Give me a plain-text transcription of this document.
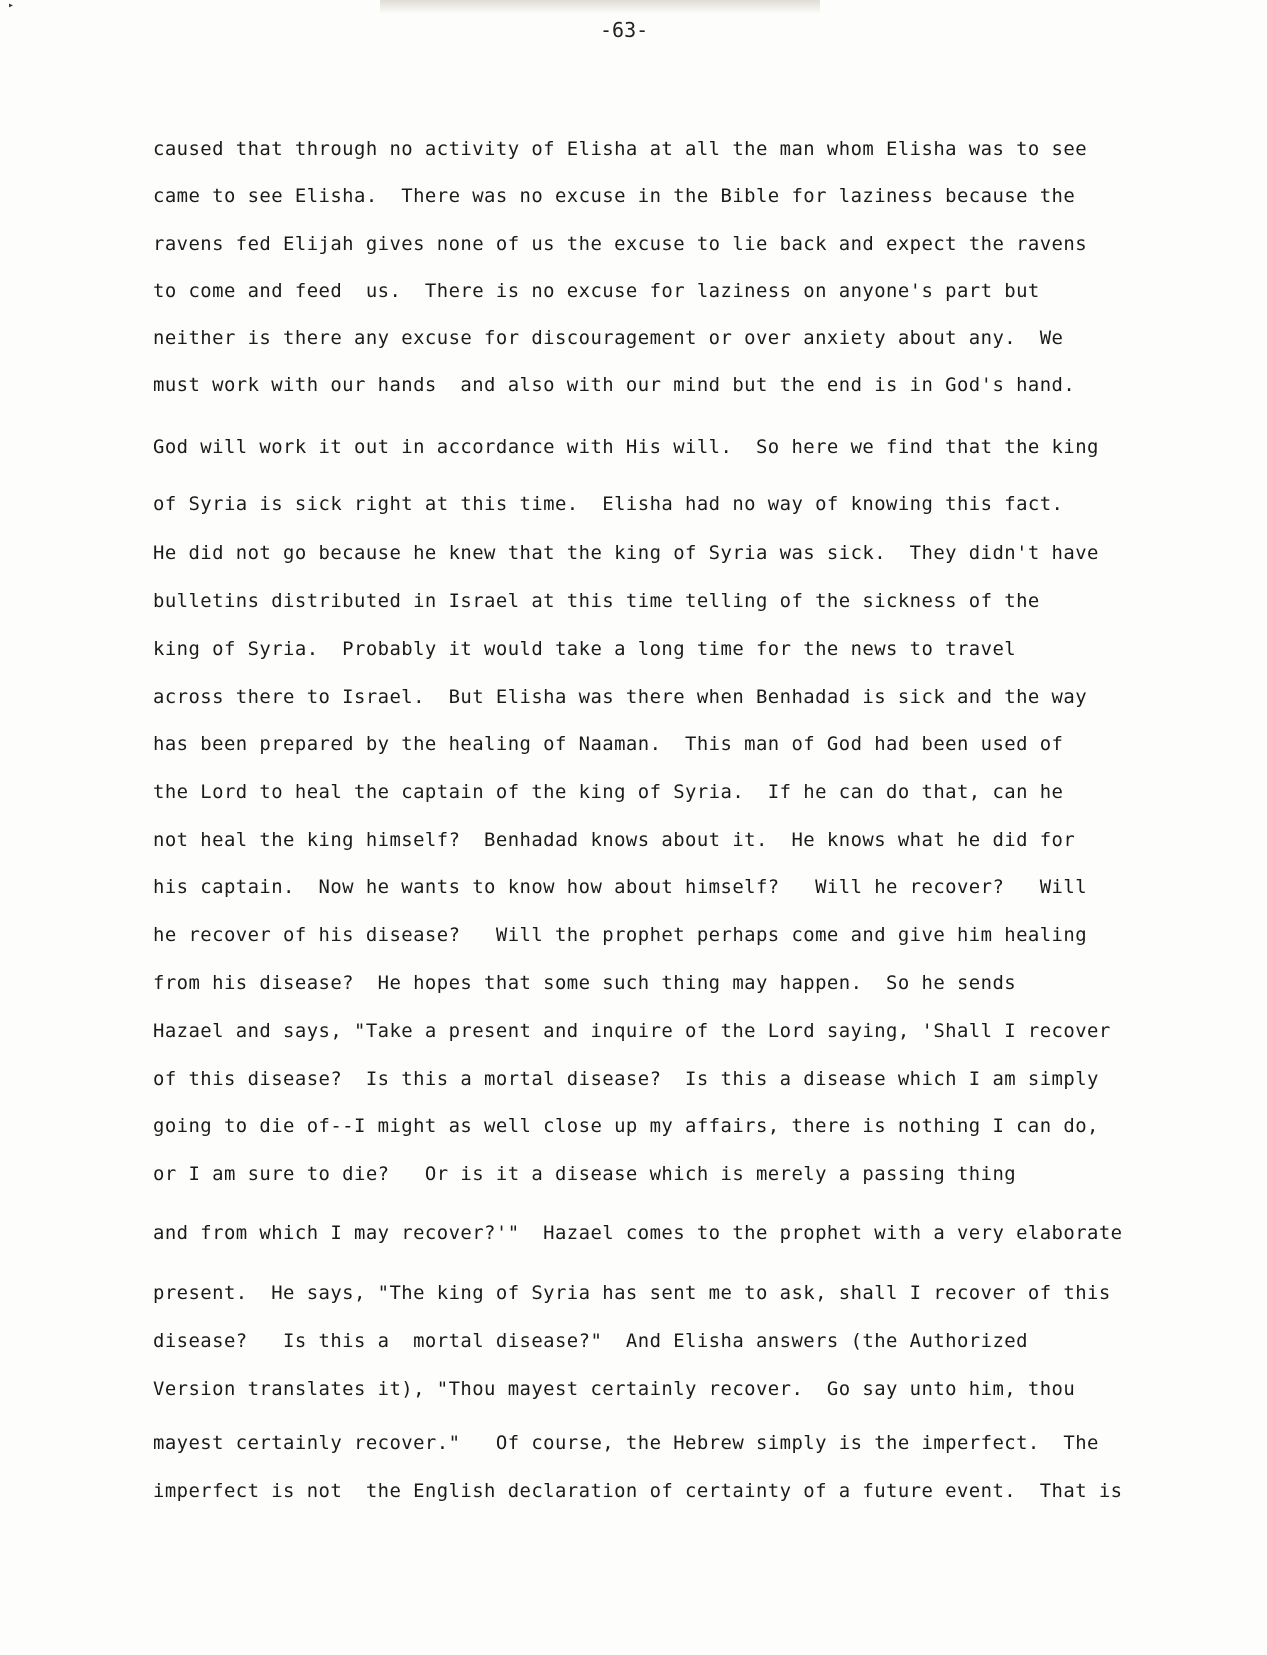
▸
-63-
caused that through no activity of Elisha at all the man whom Elisha was to see
came to see Elisha.  There was no excuse in the Bible for laziness because the
ravens fed Elijah gives none of us the excuse to lie back and expect the ravens
to come and feed  us.  There is no excuse for laziness on anyone's part but
neither is there any excuse for discouragement or over anxiety about any.  We
must work with our hands  and also with our mind but the end is in God's hand.
God will work it out in accordance with His will.  So here we find that the king
of Syria is sick right at this time.  Elisha had no way of knowing this fact.
He did not go because he knew that the king of Syria was sick.  They didn't have
bulletins distributed in Israel at this time telling of the sickness of the
king of Syria.  Probably it would take a long time for the news to travel
across there to Israel.  But Elisha was there when Benhadad is sick and the way
has been prepared by the healing of Naaman.  This man of God had been used of
the Lord to heal the captain of the king of Syria.  If he can do that, can he
not heal the king himself?  Benhadad knows about it.  He knows what he did for
his captain.  Now he wants to know how about himself?   Will he recover?   Will
he recover of his disease?   Will the prophet perhaps come and give him healing
from his disease?  He hopes that some such thing may happen.  So he sends
Hazael and says, "Take a present and inquire of the Lord saying, 'Shall I recover
of this disease?  Is this a mortal disease?  Is this a disease which I am simply
going to die of--I might as well close up my affairs, there is nothing I can do,
or I am sure to die?   Or is it a disease which is merely a passing thing
and from which I may recover?'"  Hazael comes to the prophet with a very elaborate
present.  He says, "The king of Syria has sent me to ask, shall I recover of this
disease?   Is this a  mortal disease?"  And Elisha answers (the Authorized
Version translates it), "Thou mayest certainly recover.  Go say unto him, thou
mayest certainly recover."   Of course, the Hebrew simply is the imperfect.  The
imperfect is not  the English declaration of certainty of a future event.  That is
